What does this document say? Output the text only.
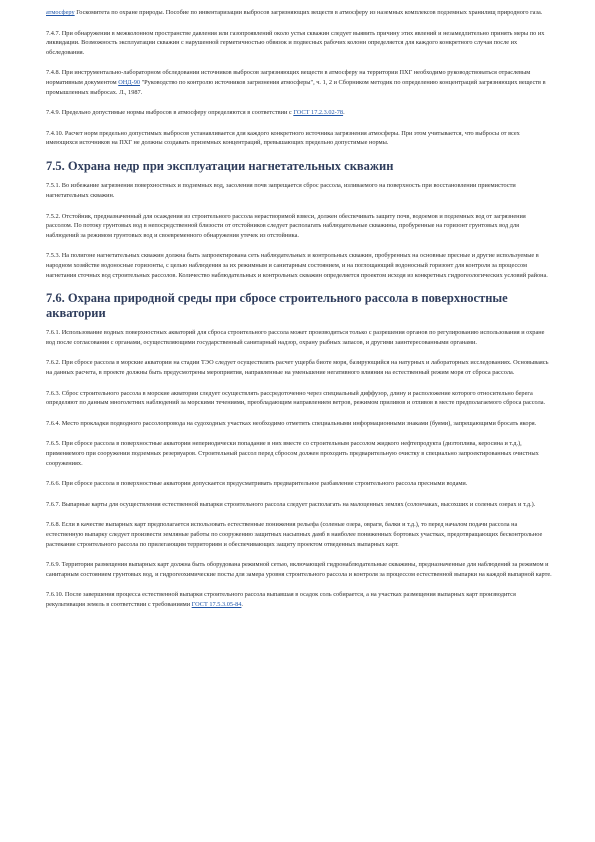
атмосферу Госкомитета по охране природы. Пособие по инвентаризации выбросов загрязняющих веществ в атмосферу из наземных комплексов подземных хранилищ природного газа.

7.4.7. При обнаружении в межколонном пространстве давления или газопроявлений около устья скважин следует выявить причину этих явлений и незамедлительно принять меры по их ликвидации. Возможность эксплуатации скважин с нарушенной герметичностью обвязок и подвесных рабочих колонн определяется для каждого конкретного случая после их обследования.

7.4.8. При инструментально-лабораторном обследовании источников выбросов загрязняющих веществ в атмосферу на территории ПХГ необходимо руководствоваться отраслевым нормативным документом ОНД-90 "Руководство по контролю источников загрязнения атмосферы", ч. 1, 2 и Сборником методик по определению концентраций загрязняющих веществ в промышленных выбросах. Л., 1987.

7.4.9. Предельно допустимые нормы выбросов в атмосферу определяются в соответствии с ГОСТ 17.2.3.02-78.

7.4.10. Расчет норм предельно допустимых выбросов устанавливается для каждого конкретного источника загрязнения атмосферы. При этом учитывается, что выбросы от всех имеющихся источников на ПХГ не должны создавать приземных концентраций, превышающих предельно допустимые нормы.

7.5. Охрана недр при эксплуатации нагнетательных скважин

7.5.1. Во избежание загрязнения поверхностных и подземных вод, засоления почв запрещается сброс рассола, изливаемого на поверхность при восстановлении приемистости нагнетательных скважин.

7.5.2. Отстойник, предназначенный для осаждения из строительного рассола нерастворимой взвеси, должен обеспечивать защиту почв, водоемов и подземных вод от загрязнения рассолом. По потоку грунтовых вод в непосредственной близости от отстойников следует располагать наблюдательные скважины, пробуренные на горизонт грунтовых вод для наблюдений за режимом грунтовых вод и своевременного обнаружения утечек из отстойника.

7.5.3. На полигоне нагнетательных скважин должна быть запроектирована сеть наблюдательных и контрольных скважин, пробуренных на основные пресные и другие используемые в народном хозяйстве водоносные горизонты, с целью наблюдения за их режимным и санитарным состоянием, и на поглощающий водоносный горизонт для контроля за процессом нагнетания сточных вод строительных рассолов. Количество наблюдательных и контрольных скважин определяется проектом исходя из конкретных гидрогеологических условий района.

7.6. Охрана природной среды при сбросе строительного рассола в поверхностные акватории

7.6.1. Использование водных поверхностных акваторий для сброса строительного рассола может производиться только с разрешения органов по регулированию использования и охране вод после согласования с органами, осуществляющими государственный санитарный надзор, охрану рыбных запасов, и другими заинтересованными органами.

7.6.2. При сбросе рассола в морские акватории на стадии ТЭО следует осуществлять расчет ущерба биоте моря, базирующийся на натурных и лабораторных исследованиях. Основываясь на данных расчета, в проекте должны быть предусмотрены мероприятия, направленные на уменьшение негативного влияния на естественный режим моря от сброса рассола.

7.6.3. Сброс строительного рассола в морские акватории следует осуществлять рассредоточенно через специальный диффузор, длину и расположение которого относительно берега определяют по данным многолетних наблюдений за морскими течениями, преобладающим направлением ветров, режимом приливов и отливов в месте предполагаемого сброса рассола.

7.6.4. Место прокладки подводного рассолопровода на судоходных участках необходимо отметить специальными информационными знаками (буями), запрещающими бросать якоря.

7.6.5. При сбросе рассола в поверхностные акватории непериодически попадание в них вместе со строительным рассолом жидкого нефтепродукта (дизтоплива, керосина и т.д.), применяемого при сооружении подземных резервуаров. Строительный рассол перед сбросом должен проходить предварительную очистку в специально запроектированных очистных сооружениях.

7.6.6. При сбросе рассола в поверхностные акватории допускается предусматривать предварительное разбавление строительного рассола пресными водами.

7.6.7. Выпарные карты для осуществления естественной выпарки строительного рассола следует располагать на малоценных землях (солончаках, высохших и соленых озерах и т.д.).

7.6.8. Если в качестве выпарных карт предполагается использовать естественные понижения рельефа (соленые озера, овраги, балки и т.д.), то перед началом подачи рассола на естественную выпарку следует произвести земляные работы по сооружению защитных насыпных дамб в наиболее пониженных бортовых участках, предотвращающих бесконтрольное растекание строительного рассола по прилегающим территориям и обеспечивающих защиту проектом отведенных выпарных карт.

7.6.9. Территория размещения выпарных карт должна быть оборудована режимной сетью, включающей гидронаблюдательные скважины, предназначенные для наблюдений за режимом и санитарным состоянием грунтовых вод, и гидрогеохимические посты для замера уровня строительного рассола и контроля за процессом естественной выпарки на каждой выпарной карте.

7.6.10. После завершения процесса естественной выпарки строительного рассола выпавшая в осадок соль собирается, а на участках размещения выпарных карт производится рекультивация земель в соответствии с требованиями ГОСТ 17.5.3.05-84.
